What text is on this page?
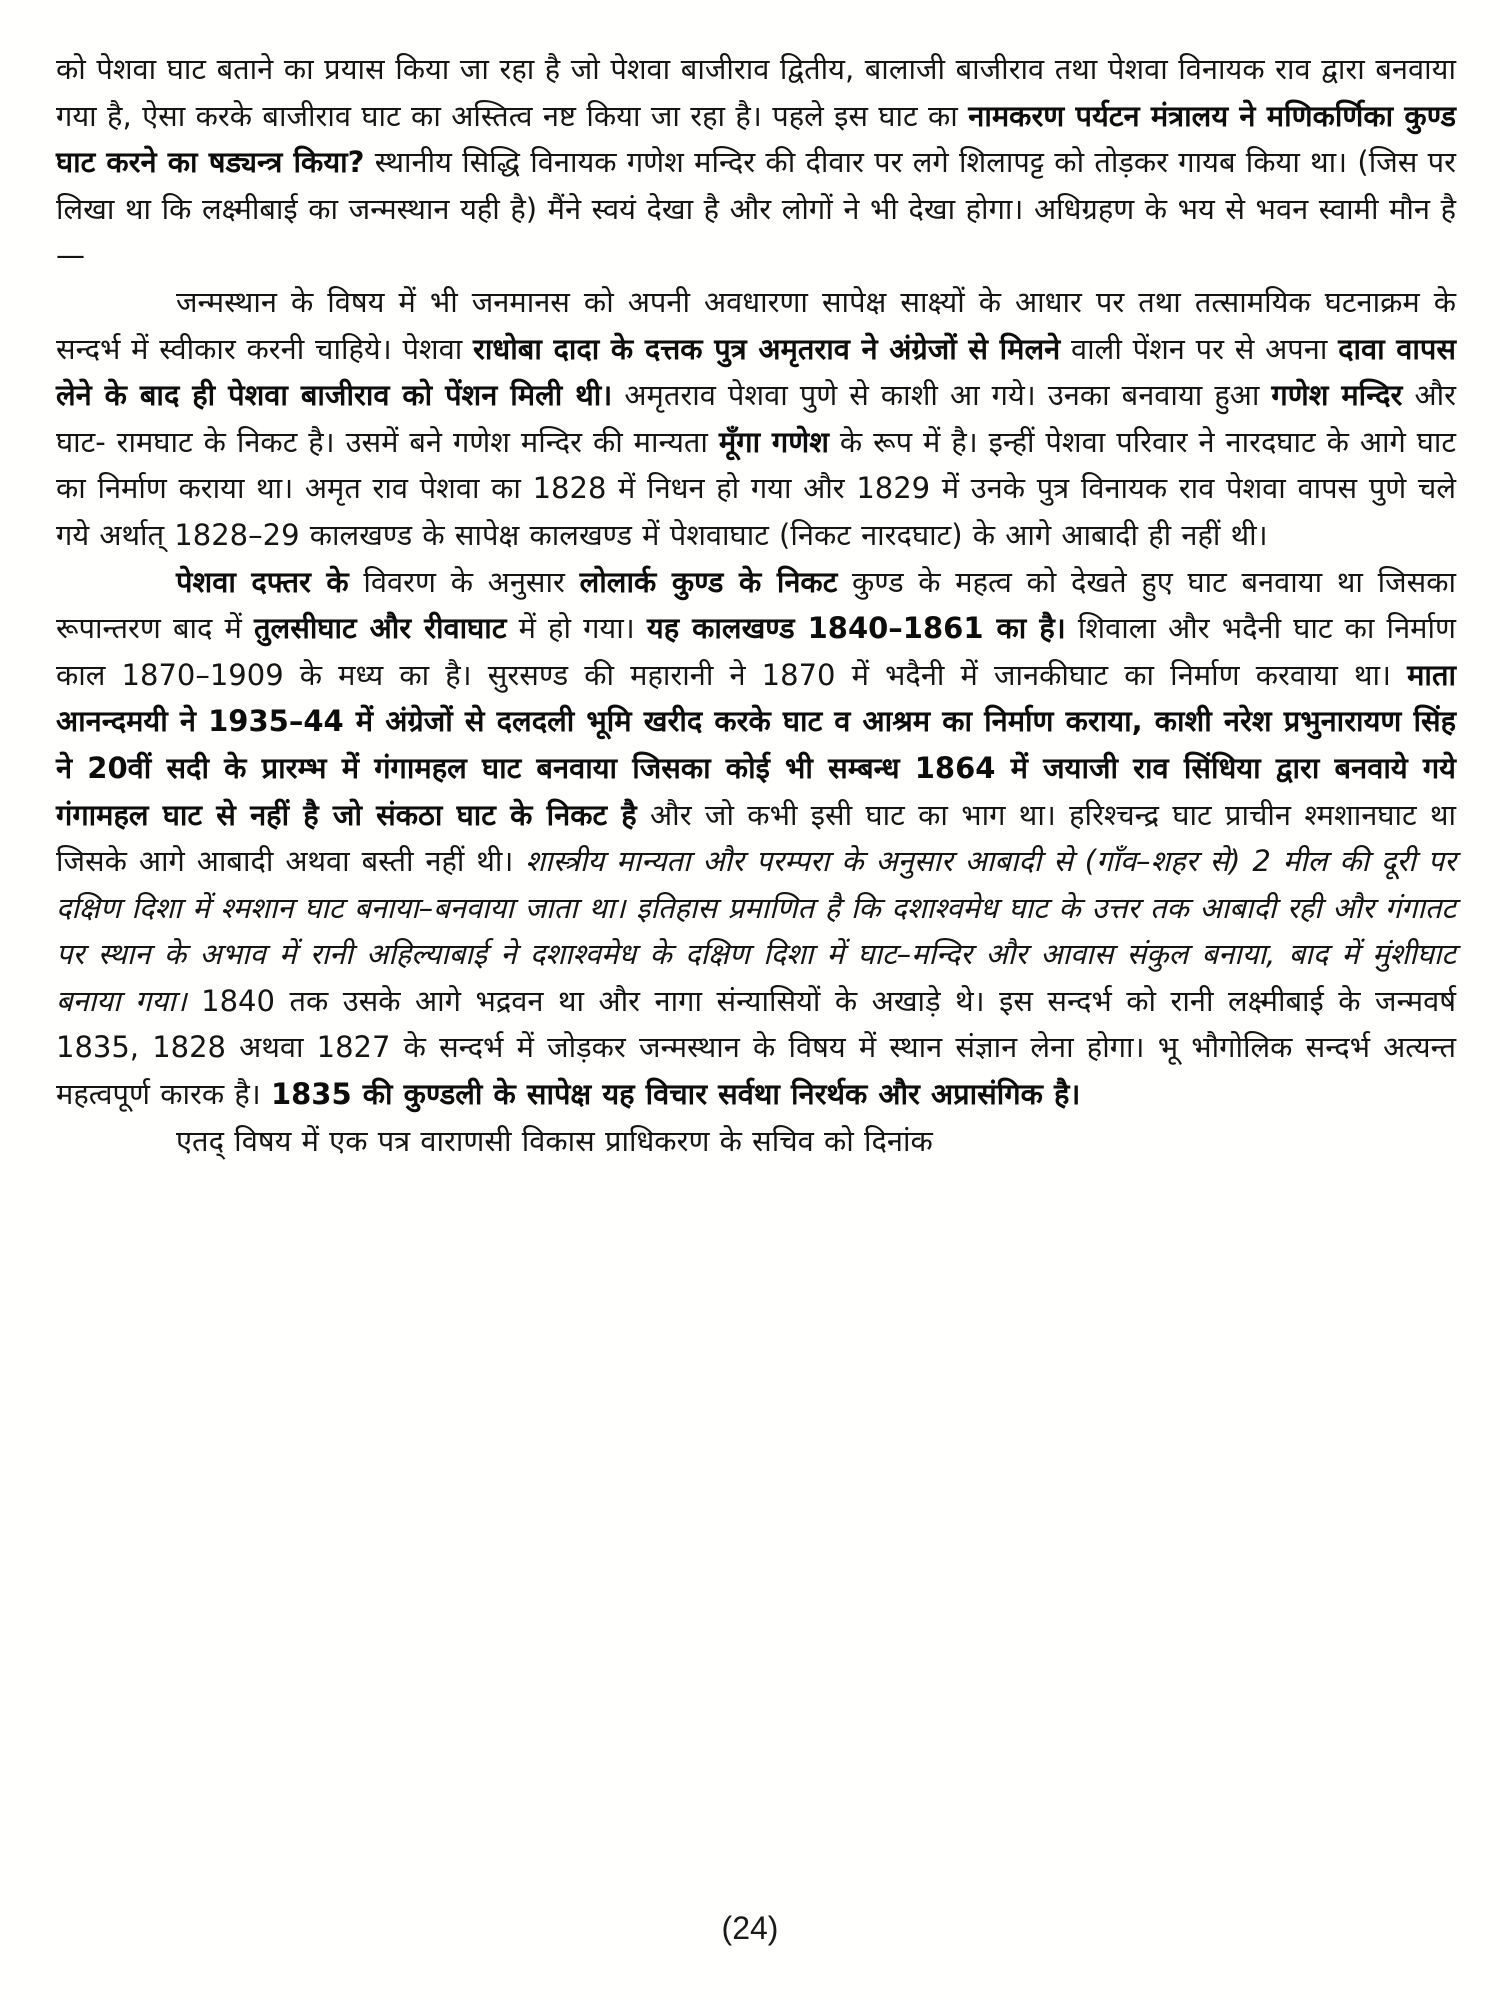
को पेशवा घाट बताने का प्रयास किया जा रहा है जो पेशवा बाजीराव द्वितीय, बालाजी बाजीराव तथा पेशवा विनायक राव द्वारा बनवाया गया है, ऐसा करके बाजीराव घाट का अस्तित्व नष्ट किया जा रहा है। पहले इस घाट का नामकरण पर्यटन मंत्रालय ने मणिकर्णिका कुण्ड घाट करने का षड्यन्त्र किया? स्थानीय सिद्धि विनायक गणेश मन्दिर की दीवार पर लगे शिलापट्ट को तोड़कर गायब किया था। (जिस पर लिखा था कि लक्ष्मीबाई का जन्मस्थान यही है) मैंने स्वयं देखा है और लोगों ने भी देखा होगा। अधिग्रहण के भय से भवन स्वामी मौन है—

जन्मस्थान के विषय में भी जनमानस को अपनी अवधारणा सापेक्ष साक्ष्यों के आधार पर तथा तत्सामयिक घटनाक्रम के सन्दर्भ में स्वीकार करनी चाहिये। पेशवा राधोबा दादा के दत्तक पुत्र अमृतराव ने अंग्रेजों से मिलने वाली पेंशन पर से अपना दावा वापस लेने के बाद ही पेशवा बाजीराव को पेंशन मिली थी। अमृतराव पेशवा पुणे से काशी आ गये। उनका बनवाया हुआ गणेश मन्दिर और घाट- रामघाट के निकट है। उसमें बने गणेश मन्दिर की मान्यता मूँगा गणेश के रूप में है। इन्हीं पेशवा परिवार ने नारदघाट के आगे घाट का निर्माण कराया था। अमृत राव पेशवा का 1828 में निधन हो गया और 1829 में उनके पुत्र विनायक राव पेशवा वापस पुणे चले गये अर्थात् 1828–29 कालखण्ड के सापेक्ष कालखण्ड में पेशवाघाट (निकट नारदघाट) के आगे आबादी ही नहीं थी।

पेशवा दफ्तर के विवरण के अनुसार लोलार्क कुण्ड के निकट कुण्ड के महत्व को देखते हुए घाट बनवाया था जिसका रूपान्तरण बाद में तुलसीघाट और रीवाघाट में हो गया। यह कालखण्ड 1840–1861 का है। शिवाला और भदैनी घाट का निर्माण काल 1870–1909 के मध्य का है। सुरसण्ड की महारानी ने 1870 में भदैनी में जानकीघाट का निर्माण करवाया था। माता आनन्दमयी ने 1935–44 में अंग्रेजों से दलदली भूमि खरीद करके घाट व आश्रम का निर्माण कराया, काशी नरेश प्रभुनारायण सिंह ने 20वीं सदी के प्रारम्भ में गंगामहल घाट बनवाया जिसका कोई भी सम्बन्ध 1864 में जयाजी राव सिंधिया द्वारा बनवाये गये गंगामहल घाट से नहीं है जो संकठा घाट के निकट है और जो कभी इसी घाट का भाग था। हरिश्चन्द्र घाट प्राचीन श्मशानघाट था जिसके आगे आबादी अथवा बस्ती नहीं थी। शास्त्रीय मान्यता और परम्परा के अनुसार आबादी से (गाँव–शहर से) 2 मील की दूरी पर दक्षिण दिशा में श्मशान घाट बनाया–बनवाया जाता था। इतिहास प्रमाणित है कि दशाश्वमेध घाट के उत्तर तक आबादी रही और गंगातट पर स्थान के अभाव में रानी अहिल्याबाई ने दशाश्वमेध के दक्षिण दिशा में घाट–मन्दिर और आवास संकुल बनाया, बाद में मुंशीघाट बनाया गया। 1840 तक उसके आगे भद्रवन था और नागा संन्यासियों के अखाड़े थे। इस सन्दर्भ को रानी लक्ष्मीबाई के जन्मवर्ष 1835, 1828 अथवा 1827 के सन्दर्भ में जोड़कर जन्मस्थान के विषय में स्थान संज्ञान लेना होगा। भू भौगोलिक सन्दर्भ अत्यन्त महत्वपूर्ण कारक है। 1835 की कुण्डली के सापेक्ष यह विचार सर्वथा निरर्थक और अप्रासंगिक है।

एतद् विषय में एक पत्र वाराणसी विकास प्राधिकरण के सचिव को दिनांक

(24)
